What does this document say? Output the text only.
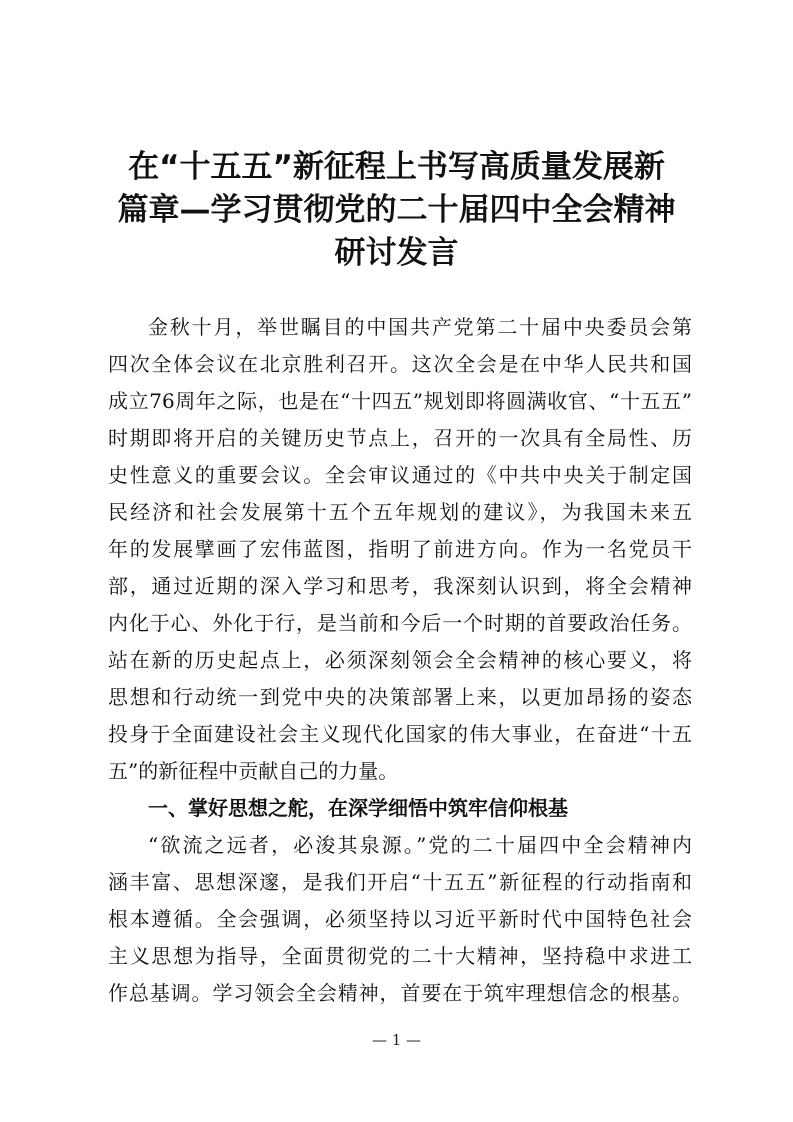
在“十五五”新征程上书写高质量发展新
篇章—学习贯彻党的二十届四中全会精神
研讨发言
金秋十月，举世瞩目的中国共产党第二十届中央委员会第
四次全体会议在北京胜利召开。这次全会是在中华人民共和国
成立76周年之际，也是在“十四五”规划即将圆满收官、“十五五”
时期即将开启的关键历史节点上，召开的一次具有全局性、历
史性意义的重要会议。全会审议通过的《中共中央关于制定国
民经济和社会发展第十五个五年规划的建议》，为我国未来五
年的发展擘画了宏伟蓝图，指明了前进方向。作为一名党员干
部，通过近期的深入学习和思考，我深刻认识到，将全会精神
内化于心、外化于行，是当前和今后一个时期的首要政治任务。
站在新的历史起点上，必须深刻领会全会精神的核心要义，将
思想和行动统一到党中央的决策部署上来，以更加昂扬的姿态
投身于全面建设社会主义现代化国家的伟大事业，在奋进“十五
五”的新征程中贡献自己的力量。
一、掌好思想之舵，在深学细悟中筑牢信仰根基
“欲流之远者，必浚其泉源。”党的二十届四中全会精神内
涵丰富、思想深邃，是我们开启“十五五”新征程的行动指南和
根本遵循。全会强调，必须坚持以习近平新时代中国特色社会
主义思想为指导，全面贯彻党的二十大精神，坚持稳中求进工
作总基调。学习领会全会精神，首要在于筑牢理想信念的根基。
— 1 —
